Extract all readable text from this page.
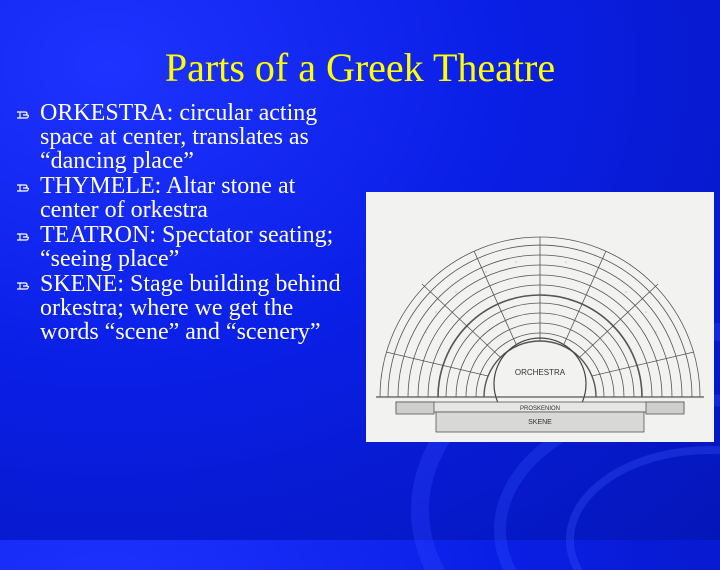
Parts of a Greek Theatre
ORKESTRA: circular acting space at center, translates as “dancing place”
THYMELE: Altar stone at center of orkestra
TEATRON: Spectator seating; “seeing place”
SKENE: Stage building behind orkestra; where we get the words “scene” and “scenery”
ORCHESTRA
PROSKENION
SKENE
